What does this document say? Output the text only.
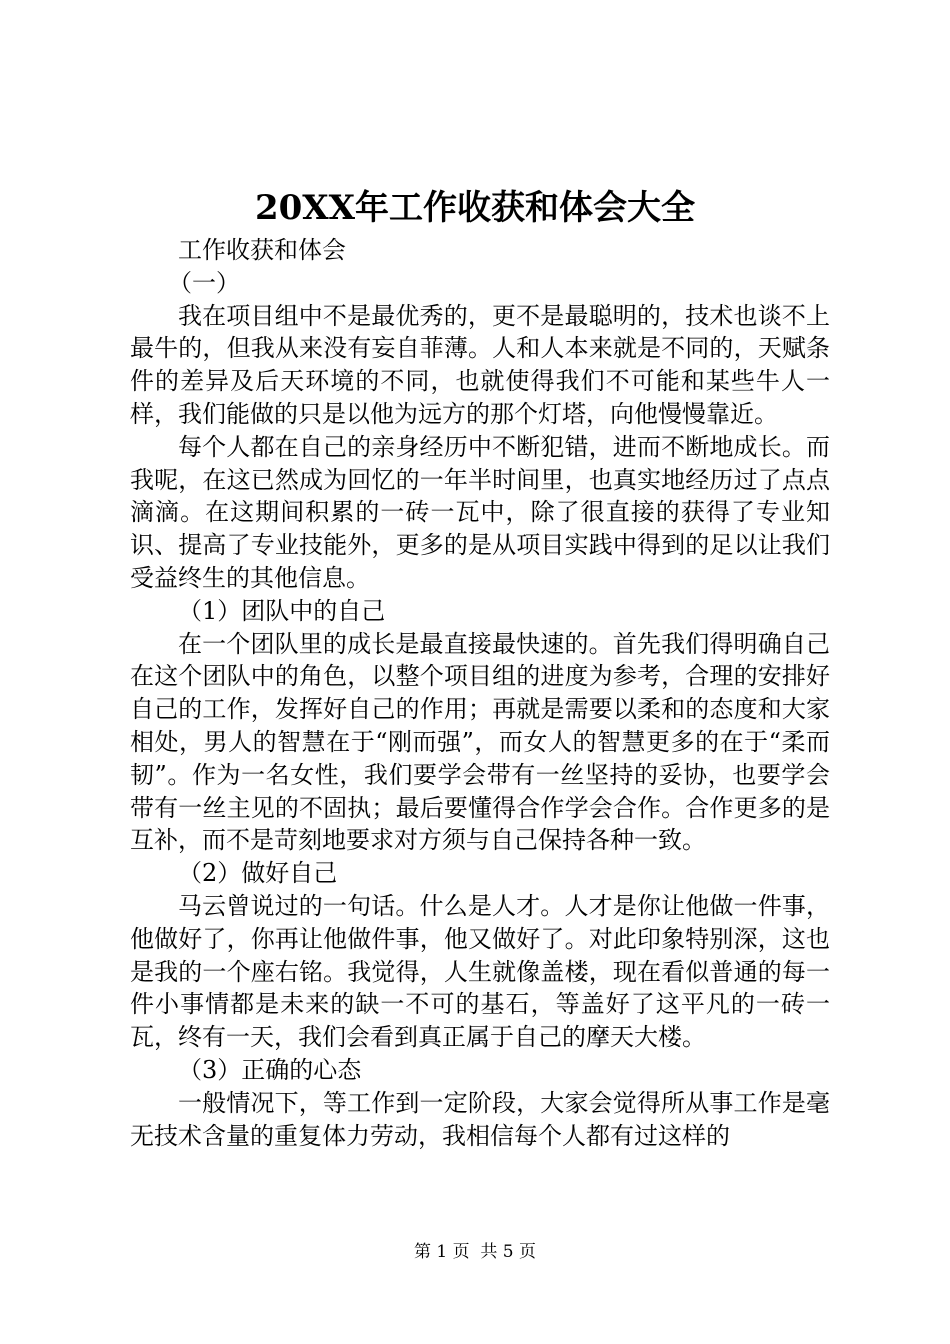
20XX年工作收获和体会大全

工作收获和体会

（一）

我在项目组中不是最优秀的，更不是最聪明的，技术也谈不上最牛的，但我从来没有妄自菲薄。人和人本来就是不同的，天赋条件的差异及后天环境的不同，也就使得我们不可能和某些牛人一样，我们能做的只是以他为远方的那个灯塔，向他慢慢靠近。

每个人都在自己的亲身经历中不断犯错，进而不断地成长。而我呢，在这已然成为回忆的一年半时间里，也真实地经历过了点点滴滴。在这期间积累的一砖一瓦中，除了很直接的获得了专业知识、提高了专业技能外，更多的是从项目实践中得到的足以让我们受益终生的其他信息。

（1）团队中的自己

在一个团队里的成长是最直接最快速的。首先我们得明确自己在这个团队中的角色，以整个项目组的进度为参考，合理的安排好自己的工作，发挥好自己的作用；再就是需要以柔和的态度和大家相处，男人的智慧在于“刚而强”，而女人的智慧更多的在于“柔而韧”。作为一名女性，我们要学会带有一丝坚持的妥协，也要学会带有一丝主见的不固执；最后要懂得合作学会合作。合作更多的是互补，而不是苛刻地要求对方须与自己保持各种一致。

（2）做好自己

马云曾说过的一句话。什么是人才。人才是你让他做一件事，他做好了，你再让他做件事，他又做好了。对此印象特别深，这也是我的一个座右铭。我觉得，人生就像盖楼，现在看似普通的每一件小事情都是未来的缺一不可的基石，等盖好了这平凡的一砖一瓦，终有一天，我们会看到真正属于自己的摩天大楼。

（3）正确的心态

一般情况下，等工作到一定阶段，大家会觉得所从事工作是毫无技术含量的重复体力劳动，我相信每个人都有过这样的

第 1 页  共 5 页
